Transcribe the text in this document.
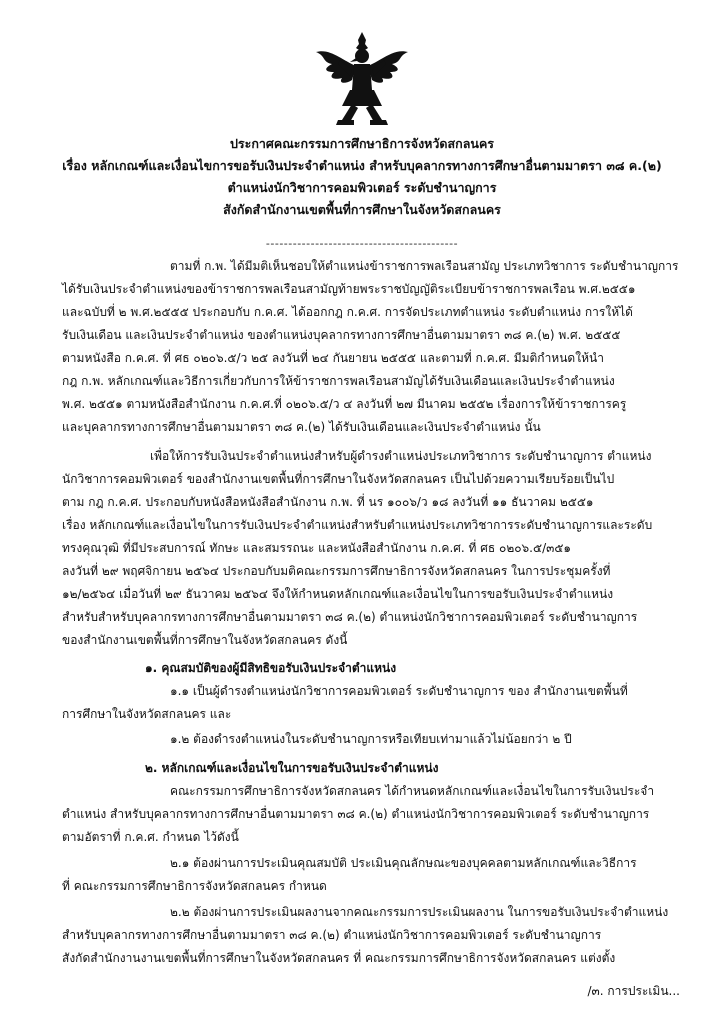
ประกาศคณะกรรมการศึกษาธิการจังหวัดสกลนคร
เรื่อง หลักเกณฑ์และเงื่อนไขการขอรับเงินประจำตำแหน่ง สำหรับบุคลากรทางการศึกษาอื่นตามมาตรา ๓๘ ค.(๒)
ตำแหน่งนักวิชาการคอมพิวเตอร์ ระดับชำนาญการ
สังกัดสำนักงานเขตพื้นที่การศึกษาในจังหวัดสกลนคร
-------------------------------------------
ตามที่ ก.พ. ได้มีมติเห็นชอบให้ตำแหน่งข้าราชการพลเรือนสามัญ ประเภทวิชาการ ระดับชำนาญการ
ได้รับเงินประจำตำแหน่งของข้าราชการพลเรือนสามัญท้ายพระราชบัญญัติระเบียบข้าราชการพลเรือน พ.ศ.๒๕๕๑
และฉบับที่ ๒ พ.ศ.๒๕๕๕ ประกอบกับ ก.ค.ศ. ได้ออกกฎ ก.ค.ศ. การจัดประเภทตำแหน่ง ระดับตำแหน่ง การให้ได้
รับเงินเดือน และเงินประจำตำแหน่ง ของตำแหน่งบุคลากรทางการศึกษาอื่นตามมาตรา ๓๘ ค.(๒) พ.ศ. ๒๕๕๕
ตามหนังสือ ก.ค.ศ. ที่ ศธ ๐๒๐๖.๕/ว ๒๕ ลงวันที่ ๒๔ กันยายน ๒๕๕๕ และตามที่ ก.ค.ศ. มีมติกำหนดให้นำ
กฎ ก.พ. หลักเกณฑ์และวิธีการเกี่ยวกับการให้ข้าราชการพลเรือนสามัญได้รับเงินเดือนและเงินประจำตำแหน่ง
พ.ศ. ๒๕๕๑ ตามหนังสือสำนักงาน ก.ค.ศ.ที่ ๐๒๐๖.๕/ว ๔ ลงวันที่ ๒๗ มีนาคม ๒๕๕๒ เรื่องการให้ข้าราชการครู
และบุคลากรทางการศึกษาอื่นตามมาตรา ๓๘ ค.(๒) ได้รับเงินเดือนและเงินประจำตำแหน่ง นั้น
เพื่อให้การรับเงินประจำตำแหน่งสำหรับผู้ดำรงตำแหน่งประเภทวิชาการ ระดับชำนาญการ ตำแหน่ง
นักวิชาการคอมพิวเตอร์ ของสำนักงานเขตพื้นที่การศึกษาในจังหวัดสกลนคร เป็นไปด้วยความเรียบร้อยเป็นไป
ตาม กฎ ก.ค.ศ. ประกอบกับหนังสือหนังสือสำนักงาน ก.พ. ที่ นร ๑๐๐๖/ว ๑๘ ลงวันที่ ๑๑ ธันวาคม ๒๕๕๑
เรื่อง หลักเกณฑ์และเงื่อนไขในการรับเงินประจำตำแหน่งสำหรับตำแหน่งประเภทวิชาการระดับชำนาญการและระดับ
ทรงคุณวุฒิ ที่มีประสบการณ์ ทักษะ และสมรรถนะ และหนังสือสำนักงาน ก.ค.ศ. ที่ ศธ ๐๒๐๖.๕/๓๕๑
ลงวันที่ ๒๙ พฤศจิกายน ๒๕๖๔ ประกอบกับมติคณะกรรมการศึกษาธิการจังหวัดสกลนคร ในการประชุมครั้งที่
๑๒/๒๕๖๔ เมื่อวันที่ ๒๙ ธันวาคม ๒๕๖๔ จึงให้กำหนดหลักเกณฑ์และเงื่อนไขในการขอรับเงินประจำตำแหน่ง
สำหรับสำหรับบุคลากรทางการศึกษาอื่นตามมาตรา ๓๘ ค.(๒) ตำแหน่งนักวิชาการคอมพิวเตอร์ ระดับชำนาญการ
ของสำนักงานเขตพื้นที่การศึกษาในจังหวัดสกลนคร ดังนี้
๑. คุณสมบัติของผู้มีสิทธิขอรับเงินประจำตำแหน่ง
๑.๑ เป็นผู้ดำรงตำแหน่งนักวิชาการคอมพิวเตอร์ ระดับชำนาญการ ของ สำนักงานเขตพื้นที่
การศึกษาในจังหวัดสกลนคร และ
๑.๒ ต้องดำรงตำแหน่งในระดับชำนาญการหรือเทียบเท่ามาแล้วไม่น้อยกว่า ๒ ปี
๒. หลักเกณฑ์และเงื่อนไขในการขอรับเงินประจำตำแหน่ง
คณะกรรมการศึกษาธิการจังหวัดสกลนคร ได้กำหนดหลักเกณฑ์และเงื่อนไขในการรับเงินประจำ
ตำแหน่ง สำหรับบุคลากรทางการศึกษาอื่นตามมาตรา ๓๘ ค.(๒) ตำแหน่งนักวิชาการคอมพิวเตอร์ ระดับชำนาญการ
ตามอัตราที่ ก.ค.ศ. กำหนด ไว้ดังนี้
๒.๑ ต้องผ่านการประเมินคุณสมบัติ ประเมินคุณลักษณะของบุคคลตามหลักเกณฑ์และวิธีการ
ที่ คณะกรรมการศึกษาธิการจังหวัดสกลนคร กำหนด
๒.๒ ต้องผ่านการประเมินผลงานจากคณะกรรมการประเมินผลงาน ในการขอรับเงินประจำตำแหน่ง
สำหรับบุคลากรทางการศึกษาอื่นตามมาตรา ๓๘ ค.(๒) ตำแหน่งนักวิชาการคอมพิวเตอร์ ระดับชำนาญการ
สังกัดสำนักงานงานเขตพื้นที่การศึกษาในจังหวัดสกลนคร ที่ คณะกรรมการศึกษาธิการจังหวัดสกลนคร แต่งตั้ง
/๓. การประเมิน...
